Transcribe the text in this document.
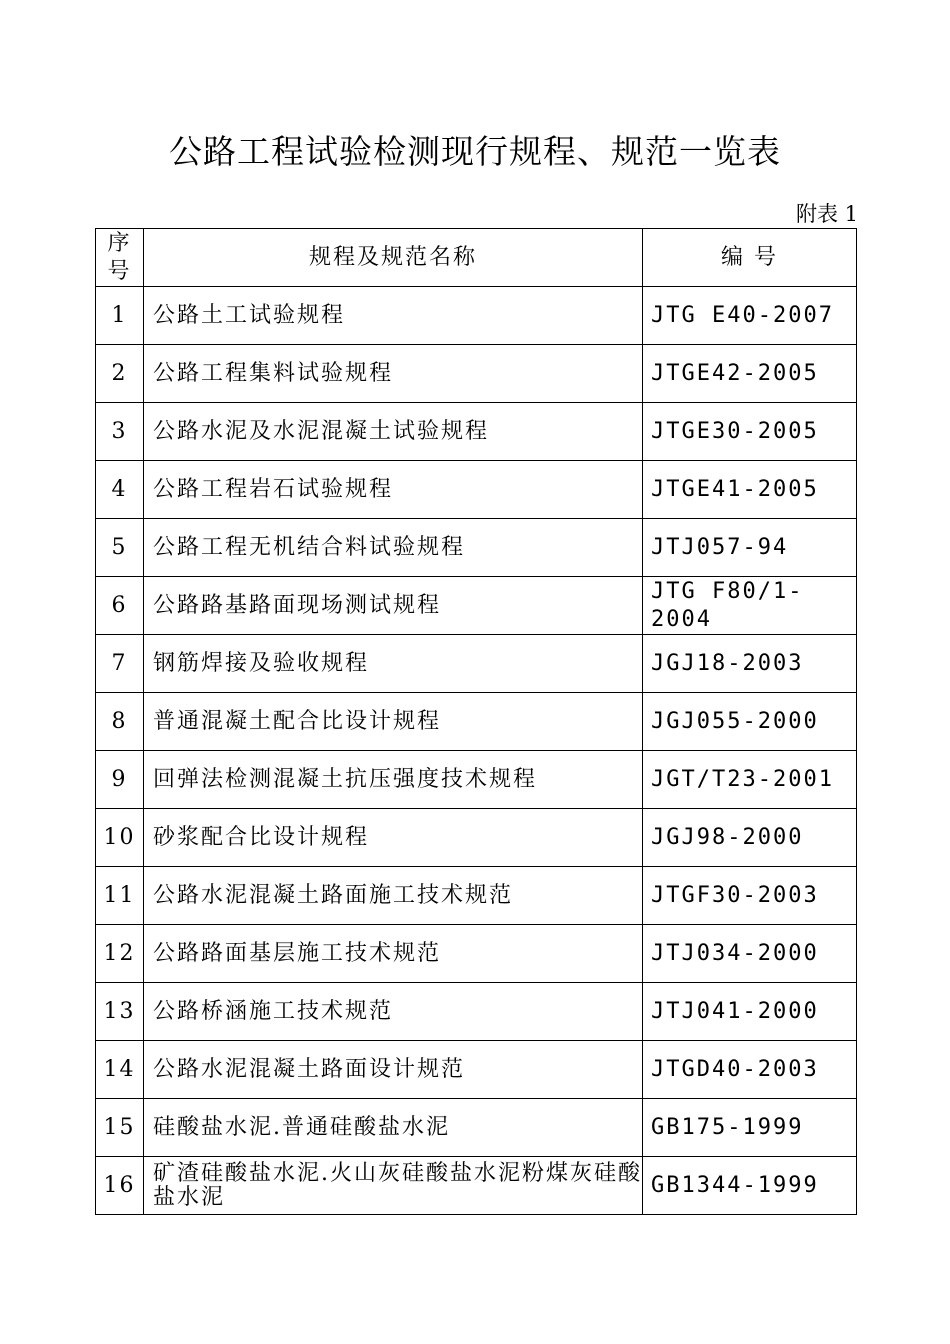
公路工程试验检测现行规程、规范一览表
附表 1
序号	规程及规范名称	编 号
1	公路土工试验规程	JTG E40-2007
2	公路工程集料试验规程	JTGE42-2005
3	公路水泥及水泥混凝土试验规程	JTGE30-2005
4	公路工程岩石试验规程	JTGE41-2005
5	公路工程无机结合料试验规程	JTJ057-94
6	公路路基路面现场测试规程	JTG F80/1-2004
7	钢筋焊接及验收规程	JGJ18-2003
8	普通混凝土配合比设计规程	JGJ055-2000
9	回弹法检测混凝土抗压强度技术规程	JGT/T23-2001
10	砂浆配合比设计规程	JGJ98-2000
11	公路水泥混凝土路面施工技术规范	JTGF30-2003
12	公路路面基层施工技术规范	JTJ034-2000
13	公路桥涵施工技术规范	JTJ041-2000
14	公路水泥混凝土路面设计规范	JTGD40-2003
15	硅酸盐水泥.普通硅酸盐水泥	GB175-1999
16	矿渣硅酸盐水泥.火山灰硅酸盐水泥粉煤灰硅酸盐水泥	GB1344-1999
